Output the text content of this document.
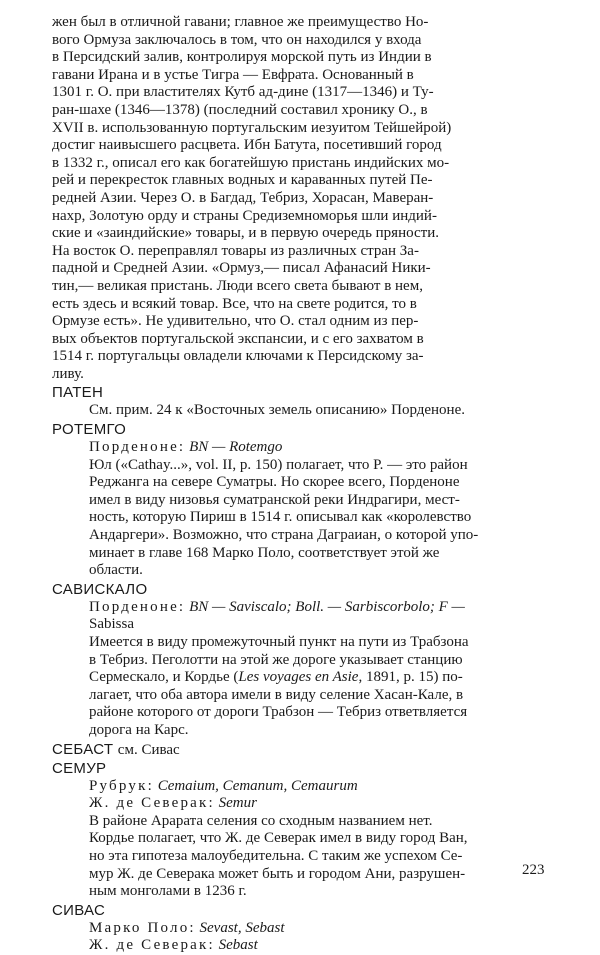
жен был в отличной гавани; главное же преимущество Но-

вого Ормуза заключалось в том, что он находился у входа

в Персидский залив, контролируя морской путь из Индии в

гавани Ирана и в устье Тигра — Евфрата. Основанный в

1301 г. О. при властителях Кутб ад-дине (1317—1346) и Ту-

ран-шахе (1346—1378) (последний составил хронику О., в

XVII в. использованную португальским иезуитом Тейшейрой)

достиг наивысшего расцвета. Ибн Батута, посетивший город

в 1332 г., описал его как богатейшую пристань индийских мо-

рей и перекресток главных водных и караванных путей Пе-

редней Азии. Через О. в Багдад, Тебриз, Хорасан, Маверан-

нахр, Золотую орду и страны Средиземноморья шли индий-

ские и «заиндийские» товары, и в первую очередь пряности.

На восток О. переправлял товары из различных стран За-

падной и Средней Азии. «Ормуз,— писал Афанасий Ники-

тин,— великая пристань. Люди всего света бывают в нем,

есть здесь и всякий товар. Все, что на свете родится, то в

Ормузе есть». Не удивительно, что О. стал одним из пер-

вых объектов португальской экспансии, и с его захватом в

1514 г. португальцы овладели ключами к Персидскому за-

ливу.

ПАТЕН

См. прим. 24 к «Восточных земель описанию» Порденоне.

РОТЕМГО

Порденоне: BN — Rotemgo

Юл («Cathay...», vol. II, p. 150) полагает, что Р. — это район

Реджанга на севере Суматры. Но скорее всего, Порденоне

имел в виду низовья суматранской реки Индрагири, мест-

ность, которую Пириш в 1514 г. описывал как «королевство

Андаргери». Возможно, что страна Даграиан, о которой упо-

минает в главе 168 Марко Поло, соответствует этой же

области.

САВИСКАЛО

Порденоне: BN — Saviscalo; Boll. — Sarbiscorbolo; F —

Sabissa

Имеется в виду промежуточный пункт на пути из Трабзона

в Тебриз. Пеголотти на этой же дороге указывает станцию

Сермескало, и Кордье (Les voyages en Asie, 1891, p. 15) по-

лагает, что оба автора имели в виду селение Хасан-Кале, в

районе которого от дороги Трабзон — Тебриз ответвляется

дорога на Карс.

СЕБАСТ см. Сивас

СЕМУР

Рубрук: Cemaium, Cemanum, Cemaurum

Ж. де Северак: Semur

В районе Арарата селения со сходным названием нет.

Кордье полагает, что Ж. де Северак имел в виду город Ван,

но эта гипотеза малоубедительна. С таким же успехом Се-

мур Ж. де Северака может быть и городом Ани, разрушен-

ным монголами в 1236 г.

СИВАС

Марко Поло: Sevast, Sebast

Ж. де Северак: Sebast

223
